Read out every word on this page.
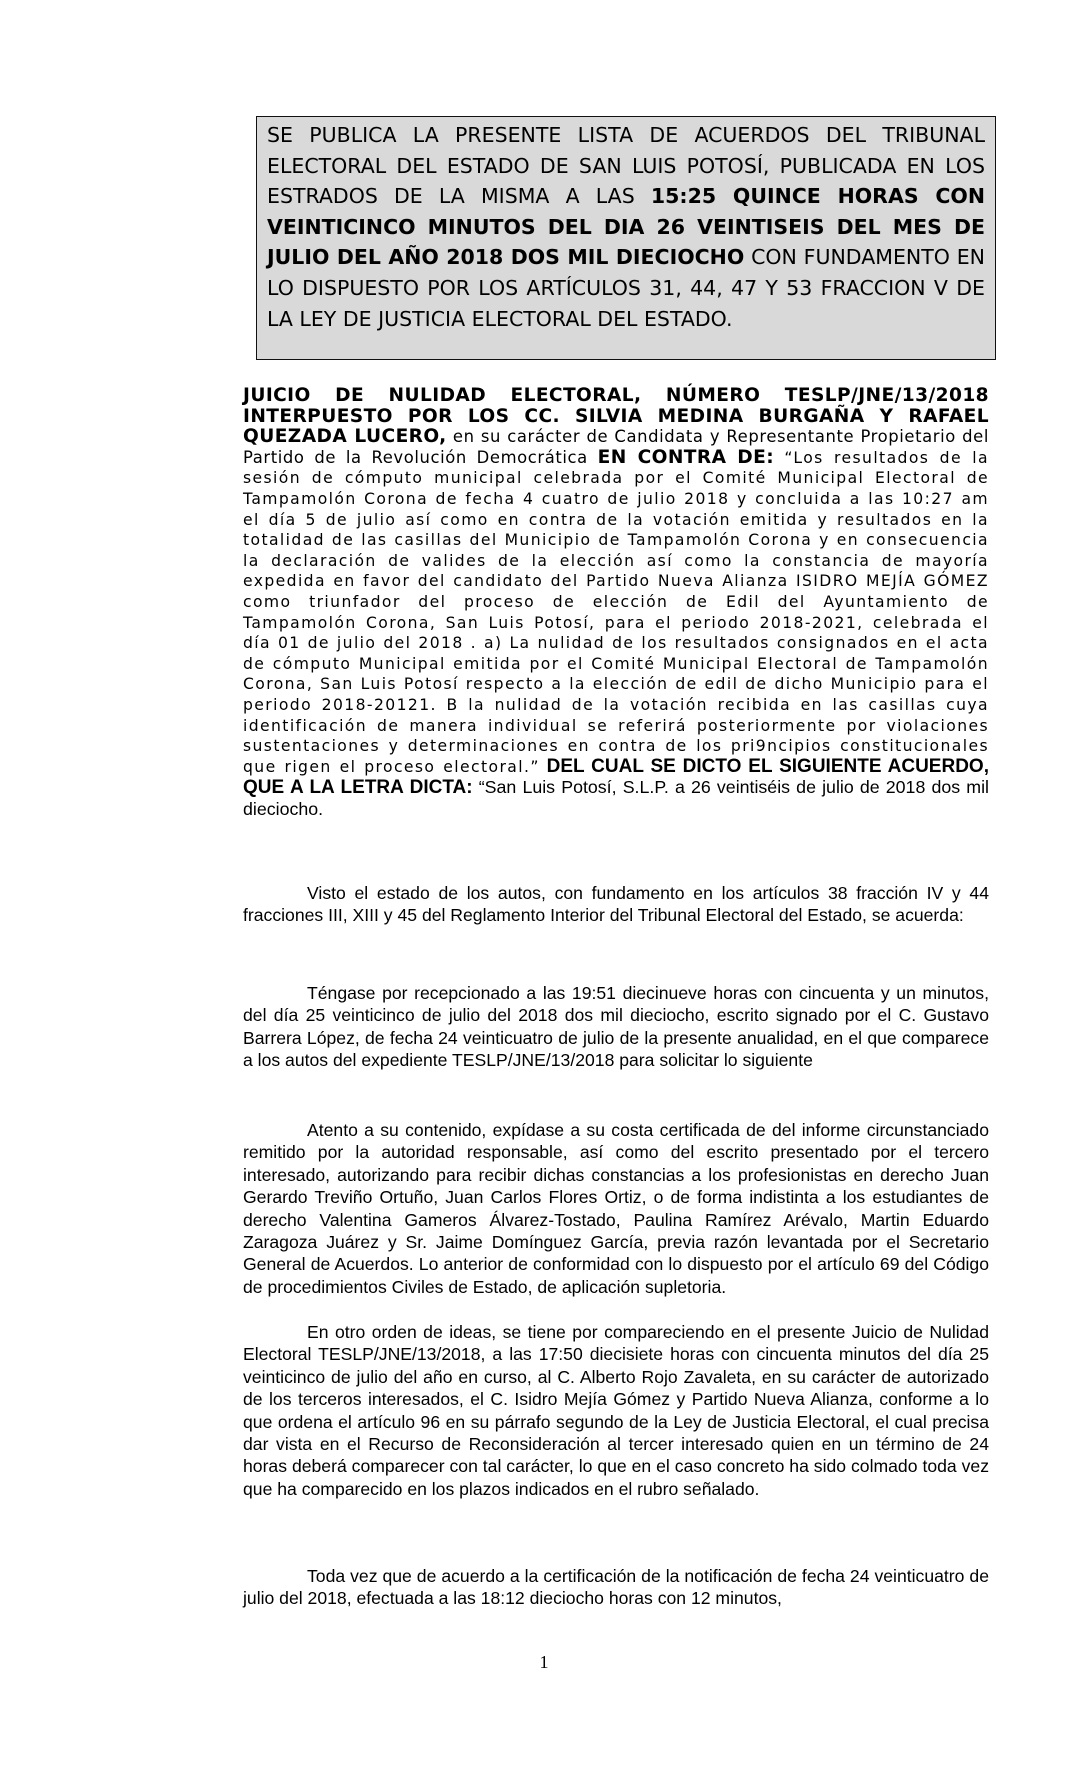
SE PUBLICA LA PRESENTE LISTA DE ACUERDOS DEL TRIBUNAL ELECTORAL DEL ESTADO DE SAN LUIS POTOSÍ, PUBLICADA EN LOS ESTRADOS DE LA MISMA A LAS 15:25 QUINCE HORAS CON VEINTICINCO MINUTOS DEL DIA 26 VEINTISEIS DEL MES DE JULIO DEL AÑO 2018 DOS MIL DIECIOCHO CON FUNDAMENTO EN LO DISPUESTO POR LOS ARTÍCULOS 31, 44, 47 Y 53 FRACCION V DE LA LEY DE JUSTICIA ELECTORAL DEL ESTADO.
JUICIO DE NULIDAD ELECTORAL, NÚMERO TESLP/JNE/13/2018 INTERPUESTO POR LOS CC. SILVIA MEDINA BURGAÑA Y RAFAEL QUEZADA LUCERO, en su carácter de Candidata y Representante Propietario del Partido de la Revolución Democrática EN CONTRA DE: “Los resultados de la sesión de cómputo municipal celebrada por el Comité Municipal Electoral de Tampamolón Corona de fecha 4 cuatro de julio 2018 y concluida a las 10:27 am el día 5 de julio así como en contra de la votación emitida y resultados en la totalidad de las casillas del Municipio de Tampamolón Corona y en consecuencia la declaración de valides de la elección así como la constancia de mayoría expedida en favor del candidato del Partido Nueva Alianza ISIDRO MEJÍA GÓMEZ como triunfador del proceso de elección de Edil del Ayuntamiento de Tampamolón Corona, San Luis Potosí, para el periodo 2018-2021, celebrada el día 01 de julio del 2018 . a) La nulidad de los resultados consignados en el acta de cómputo Municipal emitida por el Comité Municipal Electoral de Tampamolón Corona, San Luis Potosí respecto a la elección de edil de dicho Municipio para el periodo 2018-20121. B la nulidad de la votación recibida en las casillas cuya identificación de manera individual se referirá posteriormente por violaciones sustentaciones y determinaciones en contra de los pri9ncipios constitucionales que rigen el proceso electoral.” DEL CUAL SE DICTO EL SIGUIENTE ACUERDO, QUE A LA LETRA DICTA: “San Luis Potosí, S.L.P. a 26 veintiséis de julio de 2018 dos mil dieciocho.

Visto el estado de los autos, con fundamento en los artículos 38 fracción IV y 44 fracciones III, XIII y 45 del Reglamento Interior del Tribunal Electoral del Estado, se acuerda:

Téngase por recepcionado a las 19:51 diecinueve horas con cincuenta y un minutos, del día 25 veinticinco de julio del 2018 dos mil dieciocho, escrito signado por el C. Gustavo Barrera López, de fecha 24 veinticuatro de julio de la presente anualidad, en el que comparece a los autos del expediente TESLP/JNE/13/2018 para solicitar lo siguiente

Atento a su contenido, expídase a su costa certificada de del informe circunstanciado remitido por la autoridad responsable, así como del escrito presentado por el tercero interesado, autorizando para recibir dichas constancias a los profesionistas en derecho Juan Gerardo Treviño Ortuño, Juan Carlos Flores Ortiz, o de forma indistinta a los estudiantes de derecho Valentina Gameros Álvarez-Tostado, Paulina Ramírez Arévalo, Martin Eduardo Zaragoza Juárez y Sr. Jaime Domínguez García, previa razón levantada por el Secretario General de Acuerdos. Lo anterior de conformidad con lo dispuesto por el artículo 69 del Código de procedimientos Civiles de Estado, de aplicación supletoria.

En otro orden de ideas, se tiene por compareciendo en el presente Juicio de Nulidad Electoral TESLP/JNE/13/2018, a las 17:50 diecisiete horas con cincuenta minutos del día 25 veinticinco de julio del año en curso, al C. Alberto Rojo Zavaleta, en su carácter de autorizado de los terceros interesados, el C. Isidro Mejía Gómez y Partido Nueva Alianza, conforme a lo que ordena el artículo 96 en su párrafo segundo de la Ley de Justicia Electoral, el cual precisa dar vista en el Recurso de Reconsideración al tercer interesado quien en un término de 24 horas deberá comparecer con tal carácter, lo que en el caso concreto ha sido colmado toda vez que ha comparecido en los plazos indicados en el rubro señalado.

Toda vez que de acuerdo a la certificación de la notificación de fecha 24 veinticuatro de julio del 2018, efectuada a las 18:12 dieciocho horas con 12 minutos,

1
